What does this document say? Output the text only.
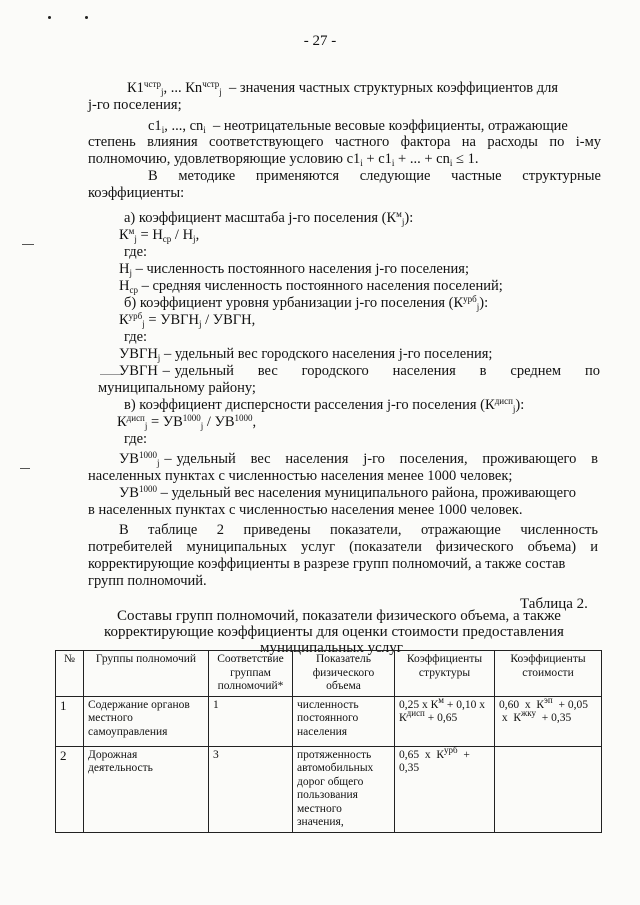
- 27 -
$К1^{чстр}_j$, ... $Кn^{чстр}_j$  – значения частных структурных коэффициентов для
j-го поселения;
$c1_i$, ..., $cn_i$  – неотрицательные весовые коэффициенты, отражающие
степень влияния соответствующего частного фактора на расходы по i-му
полномочию, удовлетворяющие условию $c1_i + c1_i$ + ... + $cn_i \le 1$.
В    методике    применяются    следующие    частные    структурные
коэффициенты:
а) коэффициент масштаба j-го поселения $(К^м_j)$:
$К^м_j = Н_{ср} / Н_j$,
где:
$Н_j$ – численность постоянного населения j-го поселения;
$Н_{ср}$ – средняя численность постоянного населения поселений;
б) коэффициент уровня урбанизации j-го поселения $(К^{урб}_j)$:
$К^{урб}_j$ = $УВГН_j$ / УВГН,
где:
$УВГН_j$ – удельный вес городского населения j-го поселения;
УВГН – удельный     вес     городского     населения     в     среднем     по
муниципальному району;
в) коэффициент дисперсности расселения j-го поселения $(К^{дисп}_j)$:
$К^{дисп}_j = УВ^{1000}_j / УВ^{1000}$,
где:
$УВ^{1000}_j$ – удельный   вес   населения   j-го   поселения,   проживающего   в
населенных пунктах с численностью населения менее 1000 человек;
$УВ^{1000}$ – удельный вес населения муниципального района, проживающего
в населенных пунктах с численностью населения менее 1000 человек.
В    таблице    2    приведены    показатели,    отражающие    численность
потребителей  муниципальных  услуг  (показатели  физического  объема)  и
корректирующие коэффициенты в разрезе групп полномочий, а также состав
групп полномочий.
Таблица 2.
Составы групп полномочий, показатели физического объема, а также
корректирующие коэффициенты для оценки стоимости предоставления
муниципальных услуг
№	Группы полномочий	Соответствие группам полномочий*	Показатель физического объема	Коэффициенты структуры	Коэффициенты стоимости
1	Содержание органов местного самоуправления	1	численность постоянного населения	0,25 х $К^м + 0,10$ х $К^{дисп} + 0,65$	0,60  х  $К^{эп} + 0,05$  х  $К^{жку} + 0,35$
2	Дорожная деятельность	3	протяженность автомобильных дорог общего пользования местного значения,	0,65  х  $К^{урб} + 0,35$	
